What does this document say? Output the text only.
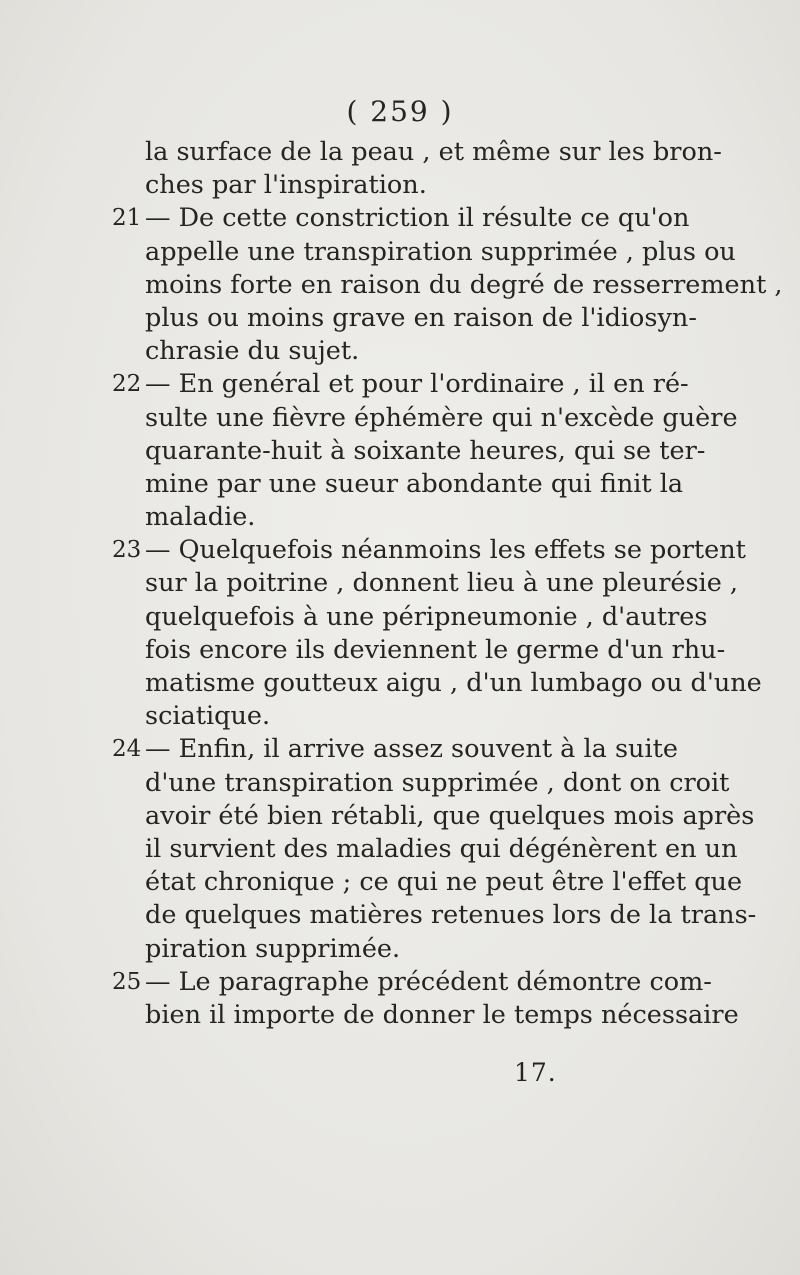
( 259 )
la surface de la peau , et même sur les bron-
ches par l'inspiration.
21 — De cette constriction il résulte ce qu'on
appelle une transpiration supprimée , plus ou
moins forte en raison du degré de resserrement ,
plus ou moins grave en raison de l'idiosyn-
chrasie du sujet.
22 — En genéral et pour l'ordinaire , il en ré-
sulte une fièvre éphémère qui n'excède guère
quarante-huit à soixante heures, qui se ter-
mine par une sueur abondante qui finit la
maladie.
23 — Quelquefois néanmoins les effets se portent
sur la poitrine , donnent lieu à une pleurésie ,
quelquefois à une péripneumonie , d'autres
fois encore ils deviennent le germe d'un rhu-
matisme goutteux aigu , d'un lumbago ou d'une
sciatique.
24 — Enfin, il arrive assez souvent à la suite
d'une transpiration supprimée , dont on croit
avoir été bien rétabli, que quelques mois après
il survient des maladies qui dégénèrent en un
état chronique ; ce qui ne peut être l'effet que
de quelques matières retenues lors de la trans-
piration supprimée.
25 — Le paragraphe précédent démontre com-
bien il importe de donner le temps nécessaire
17.
